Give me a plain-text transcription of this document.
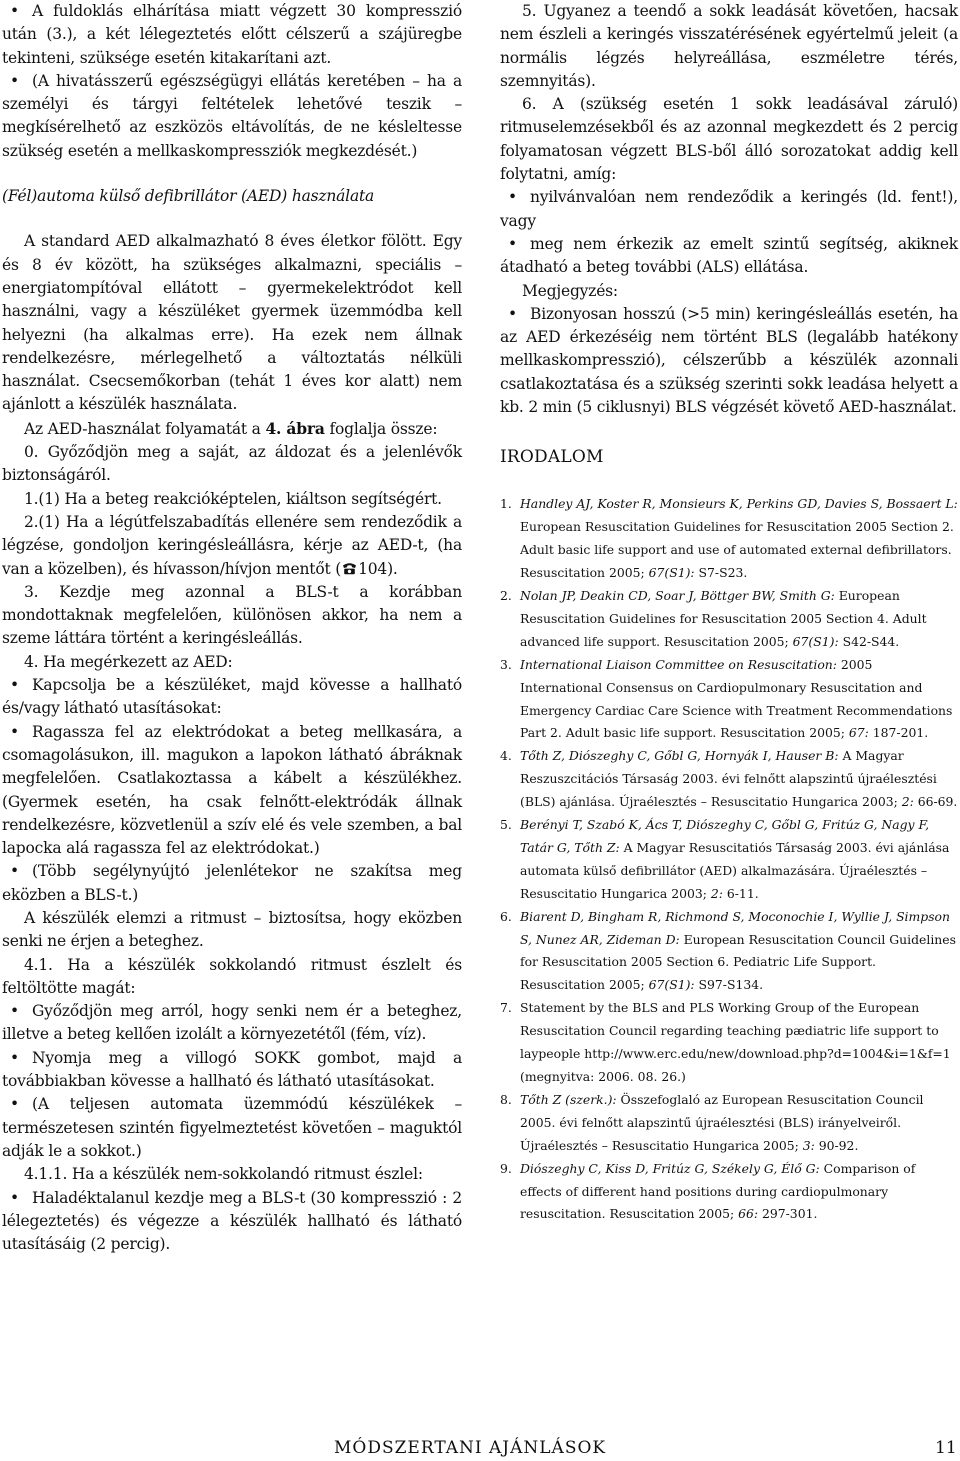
• A fuldoklás elhárítása miatt végzett 30 kompresszió után (3.), a két lélegeztetés előtt célszerű a szájüregbe tekinteni, szüksége esetén kitakarítani azt.

• (A hivatásszerű egészségügyi ellátás keretében – ha a személyi és tárgyi feltételek lehetővé teszik – megkísérelhető az eszközös eltávolítás, de ne késleltesse szükség esetén a mellkaskompressziók megkezdését.)

(Fél)automa külső defibrillátor (AED) használata

A standard AED alkalmazható 8 éves életkor fölött. Egy és 8 év között, ha szükséges alkalmazni, speciális – energiatompítóval ellátott – gyermekelektródot kell használni, vagy a készüléket gyermek üzemmódba kell helyezni (ha alkalmas erre). Ha ezek nem állnak rendelkezésre, mérlegelhető a változtatás nélküli használat. Csecsemőkorban (tehát 1 éves kor alatt) nem ajánlott a készülék használata.

Az AED-használat folyamatát a 4. ábra foglalja össze:

0. Győződjön meg a saját, az áldozat és a jelenlévők biztonságáról.

1.(1) Ha a beteg reakcióképtelen, kiáltson segítségért.

2.(1) Ha a légútfelszabadítás ellenére sem rendeződik a légzése, gondoljon keringésleállásra, kérje az AED-t, (ha van a közelben), és hívasson/hívjon mentőt ( 104).

3. Kezdje meg azonnal a BLS-t a korábban mondottaknak megfelelően, különösen akkor, ha nem a szeme láttára történt a keringésleállás.

4. Ha megérkezett az AED:

• Kapcsolja be a készüléket, majd kövesse a hallható és/vagy látható utasításokat:

• Ragassza fel az elektródokat a beteg mellkasára, a csomagolásukon, ill. magukon a lapokon látható ábráknak megfelelően. Csatlakoztassa a kábelt a készülékhez. (Gyermek esetén, ha csak felnőtt-elektródák állnak rendelkezésre, közvetlenül a szív elé és vele szemben, a bal lapocka alá ragassza fel az elektródokat.)

• (Több segélynyújtó jelenlétekor ne szakítsa meg eközben a BLS-t.)

A készülék elemzi a ritmust – biztosítsa, hogy eközben senki ne érjen a beteghez.

4.1. Ha a készülék sokkolandó ritmust észlelt és feltöltötte magát:

• Győződjön meg arról, hogy senki nem ér a beteghez, illetve a beteg kellően izolált a környezetétől (fém, víz).

• Nyomja meg a villogó SOKK gombot, majd a továbbiakban kövesse a hallható és látható utasításokat.

• (A teljesen automata üzemmódú készülékek – természetesen szintén figyelmeztetést követően – maguktól adják le a sokkot.)

4.1.1. Ha a készülék nem-sokkolandó ritmust észlel:

• Haladéktalanul kezdje meg a BLS-t (30 kompresszió : 2 lélegeztetés) és végezze a készülék hallható és látható utasításáig (2 percig).

5. Ugyanez a teendő a sokk leadását követően, hacsak nem észleli a keringés visszatérésének egyértelmű jeleit (a normális légzés helyreállása, eszméletre térés, szemnyitás).

6. A (szükség esetén 1 sokk leadásával záruló) ritmuselemzésekből és az azonnal megkezdett és 2 percig folyamatosan végzett BLS-ből álló sorozatokat addig kell folytatni, amíg:

• nyilvánvalóan nem rendeződik a keringés (ld. fent!), vagy

• meg nem érkezik az emelt szintű segítség, akiknek átadható a beteg további (ALS) ellátása.

Megjegyzés:

• Bizonyosan hosszú (>5 min) keringésleállás esetén, ha az AED érkezéséig nem történt BLS (legalább hatékony mellkaskompresszió), célszerűbb a készülék azonnali csatlakoztatása és a szükség szerinti sokk leadása helyett a kb. 2 min (5 ciklusnyi) BLS végzését követő AED-használat.

IRODALOM
1. Handley AJ, Koster R, Monsieurs K, Perkins GD, Davies S, Bossaert L: European Resuscitation Guidelines for Resuscitation 2005 Section 2. Adult basic life support and use of automated external defibrillators. Resuscitation 2005; 67(S1): S7-S23.
2. Nolan JP, Deakin CD, Soar J, Böttger BW, Smith G: European Resuscitation Guidelines for Resuscitation 2005 Section 4. Adult advanced life support. Resuscitation 2005; 67(S1): S42-S44.
3. International Liaison Committee on Resuscitation: 2005 International Consensus on Cardiopulmonary Resuscitation and Emergency Cardiac Care Science with Treatment Recommendations Part 2. Adult basic life support. Resuscitation 2005; 67: 187-201.
4. Tőth Z, Diószeghy C, Gőbl G, Hornyák I, Hauser B: A Magyar Reszuszcitációs Társaság 2003. évi felnőtt alapszintű újraélesztési (BLS) ajánlása. Újraélesztés – Resuscitatio Hungarica 2003; 2: 66-69.
5. Berényi T, Szabó K, Ács T, Diószeghy C, Gőbl G, Fritúz G, Nagy F, Tatár G, Tőth Z: A Magyar Resuscitatiós Társaság 2003. évi ajánlása automata külső defibrillátor (AED) alkalmazására. Újraélesztés – Resuscitatio Hungarica 2003; 2: 6-11.
6. Biarent D, Bingham R, Richmond S, Moconochie I, Wyllie J, Simpson S, Nunez AR, Zideman D: European Resuscitation Council Guidelines for Resuscitation 2005 Section 6. Pediatric Life Support. Resuscitation 2005; 67(S1): S97-S134.
7. Statement by the BLS and PLS Working Group of the European Resuscitation Council regarding teaching pædiatric life support to laypeople http://www.erc.edu/new/download.php?d=1004&i=1&f=1 (megnyitva: 2006. 08. 26.)
8. Tőth Z (szerk.): Összefoglaló az European Resuscitation Council 2005. évi felnőtt alapszintű újraélesztési (BLS) irányelveiről. Újraélesztés – Resuscitatio Hungarica 2005; 3: 90-92.
9. Diószeghy C, Kiss D, Fritúz G, Székely G, Élő G: Comparison of effects of different hand positions during cardiopulmonary resuscitation. Resuscitation 2005; 66: 297-301.
MÓDSZERTANI AJÁNLÁSOK	11
